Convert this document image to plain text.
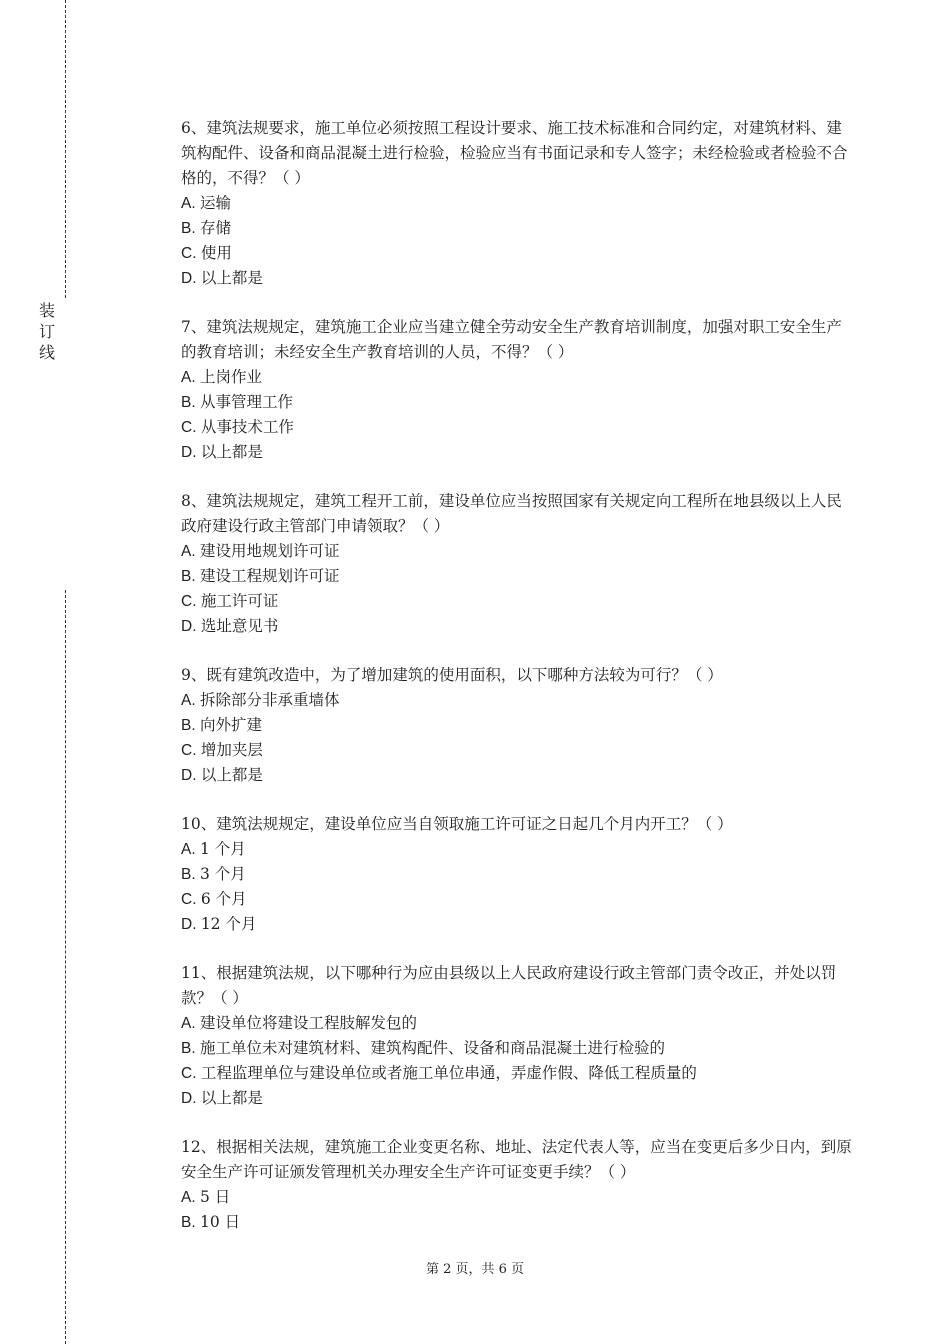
装
订
线

6、建筑法规要求，施工单位必须按照工程设计要求、施工技术标准和合同约定，对建筑材料、建筑构配件、设备和商品混凝土进行检验，检验应当有书面记录和专人签字；未经检验或者检验不合格的，不得？（ ）

A. 运输

B. 存储

C. 使用

D. 以上都是

7、建筑法规规定，建筑施工企业应当建立健全劳动安全生产教育培训制度，加强对职工安全生产的教育培训；未经安全生产教育培训的人员，不得？（ ）

A. 上岗作业

B. 从事管理工作

C. 从事技术工作

D. 以上都是

8、建筑法规规定，建筑工程开工前，建设单位应当按照国家有关规定向工程所在地县级以上人民政府建设行政主管部门申请领取？（ ）

A. 建设用地规划许可证

B. 建设工程规划许可证

C. 施工许可证

D. 选址意见书

9、既有建筑改造中，为了增加建筑的使用面积，以下哪种方法较为可行？（ ）

A. 拆除部分非承重墙体

B. 向外扩建

C. 增加夹层

D. 以上都是

10、建筑法规规定，建设单位应当自领取施工许可证之日起几个月内开工？（ ）

A. 1 个月

B. 3 个月

C. 6 个月

D. 12 个月

11、根据建筑法规，以下哪种行为应由县级以上人民政府建设行政主管部门责令改正，并处以罚款？（ ）

A. 建设单位将建设工程肢解发包的

B. 施工单位未对建筑材料、建筑构配件、设备和商品混凝土进行检验的

C. 工程监理单位与建设单位或者施工单位串通，弄虚作假、降低工程质量的

D. 以上都是

12、根据相关法规，建筑施工企业变更名称、地址、法定代表人等，应当在变更后多少日内，到原安全生产许可证颁发管理机关办理安全生产许可证变更手续？（ ）

A. 5 日

B. 10 日

第 2 页，共 6 页
